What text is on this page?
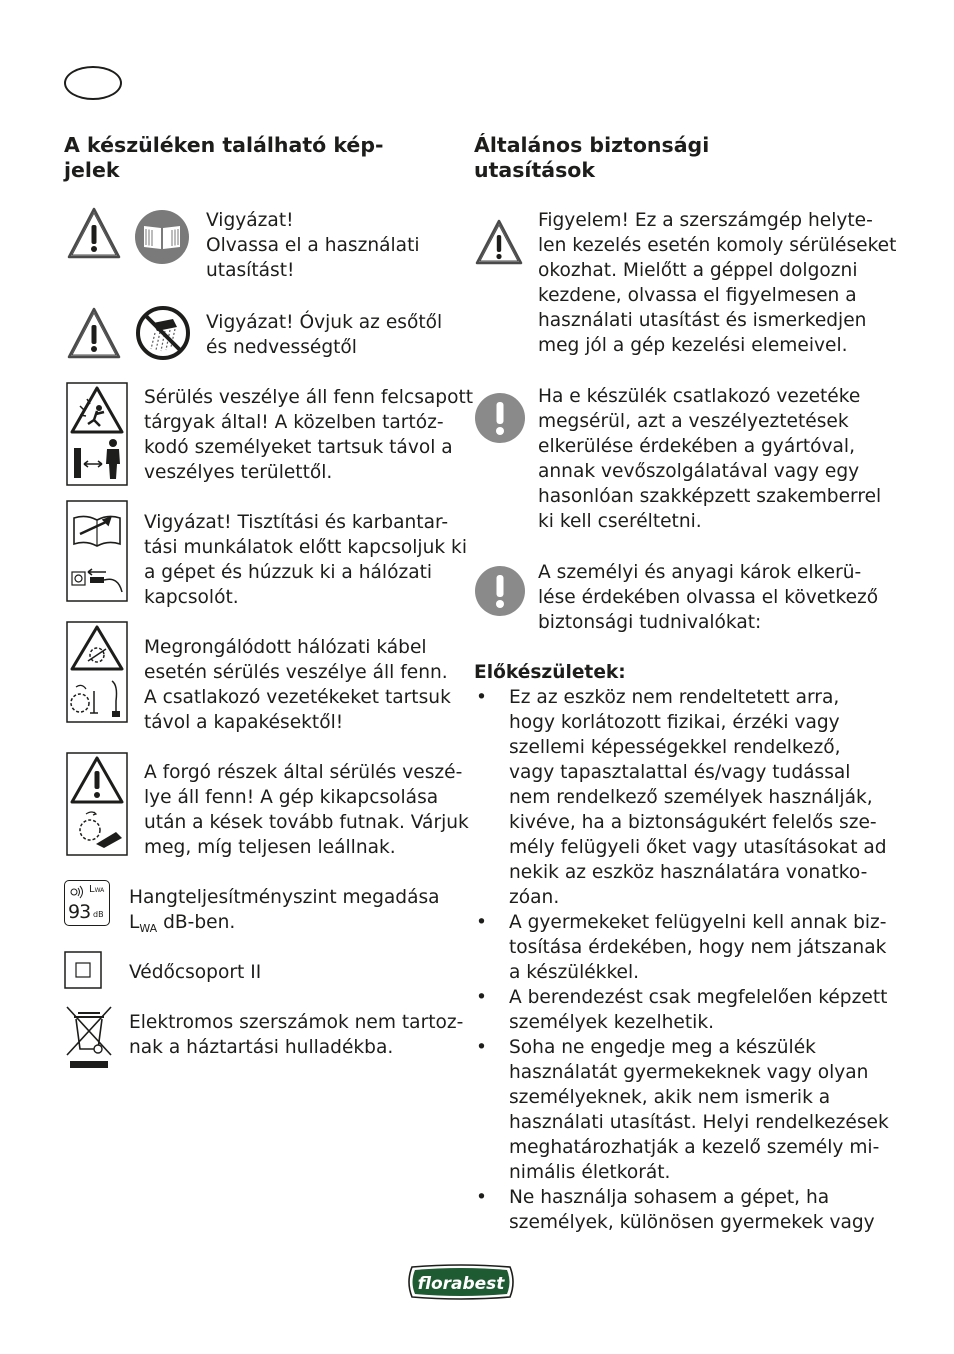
A készüléken található kép-
jelek
Vigyázat!
Olvassa el a használati
utasítást!
Vigyázat! Óvjuk az esőtől
és nedvességtől
Sérülés veszélye áll fenn felcsapott
tárgyak által! A közelben tartóz-
kodó személyeket tartsuk távol a
veszélyes területtől.
Vigyázat! Tisztítási és karbantar-
tási munkálatok előtt kapcsoljuk ki
a gépet és húzzuk ki a hálózati
kapcsolót.
Megrongálódott hálózati kábel
esetén sérülés veszélye áll fenn.
A csatlakozó vezetékeket tartsuk
távol a kapakésektől!
A forgó részek által sérülés veszé-
lye áll fenn! A gép kikapcsolása
után a kések tovább futnak. Várjuk
meg, míg teljesen leállnak.
LWA
93 dB
Hangteljesítményszint megadása
$L_{WA}$ dB-ben.
Védőcsoport II
Elektromos szerszámok nem tartoz-
nak a háztartási hulladékba.
Általános biztonsági
utasítások
Figyelem! Ez a szerszámgép helyte-
len kezelés esetén komoly sérüléseket
okozhat. Mielőtt a géppel dolgozni
kezdene, olvassa el figyelmesen a
használati utasítást és ismerkedjen
meg jól a gép kezelési elemeivel.
Ha e készülék csatlakozó vezetéke
megsérül, azt a veszélyeztetések
elkerülése érdekében a gyártóval,
annak vevőszolgálatával vagy egy
hasonlóan szakképzett szakemberrel
ki kell cseréltetni.
A személyi és anyagi károk elkerü-
lése érdekében olvassa el következő
biztonsági tudnivalókat:
Előkészületek:
• Ez az eszköz nem rendeltetett arra,
hogy korlátozott fizikai, érzéki vagy
szellemi képességekkel rendelkező,
vagy tapasztalattal és/vagy tudással
nem rendelkező személyek használják,
kivéve, ha a biztonságukért felelős sze-
mély felügyeli őket vagy utasításokat ad
nekik az eszköz használatára vonatko-
zóan.
• A gyermekeket felügyelni kell annak biz-
tosítása érdekében, hogy nem játszanak
a készülékkel.
• A berendezést csak megfelelően képzett
személyek kezelhetik.
• Soha ne engedje meg a készülék
használatát gyermekeknek vagy olyan
személyeknek, akik nem ismerik a
használati utasítást. Helyi rendelkezések
meghatározhatják a kezelő személy mi-
nimális életkorát.
• Ne használja sohasem a gépet, ha
személyek, különösen gyermekek vagy
florabest
